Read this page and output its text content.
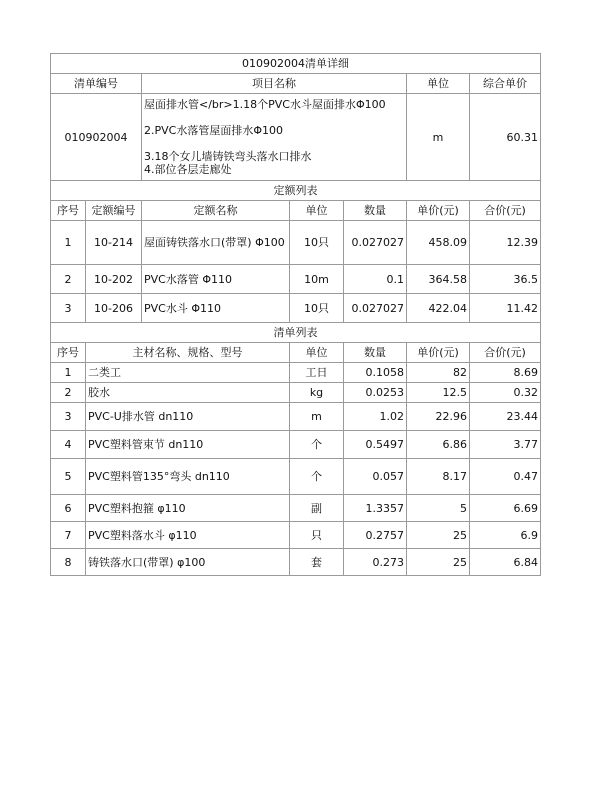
010902004清单详细						
清单编号		项目名称			单位	综合单价
010902004		屋面排水管</br>1.18个PVC水斗屋面排水Φ100

2.PVC水落管屋面排水Φ100

3.18个女儿墙铸铁弯头落水口排水
4.部位各层走廊处			m	60.31
定额列表						
序号	定额编号	定额名称	单位	数量	单价(元)	合价(元)
1	10-214	屋面铸铁落水口(带罩) Φ100	10只	0.027027	458.09	12.39
2	10-202	PVC水落管 Φ110	10m	0.1	364.58	36.5
3	10-206	PVC水斗 Φ110	10只	0.027027	422.04	11.42
清单列表						
序号	主材名称、规格、型号		单位	数量	单价(元)	合价(元)
1	二类工		工日	0.1058	82	8.69
2	胶水		kg	0.0253	12.5	0.32
3	PVC-U排水管 dn110		m	1.02	22.96	23.44
4	PVC塑料管束节 dn110		个	0.5497	6.86	3.77
5	PVC塑料管135°弯头 dn110		个	0.057	8.17	0.47
6	PVC塑料抱箍 φ110		副	1.3357	5	6.69
7	PVC塑料落水斗 φ110		只	0.2757	25	6.9
8	铸铁落水口(带罩) φ100		套	0.273	25	6.84
